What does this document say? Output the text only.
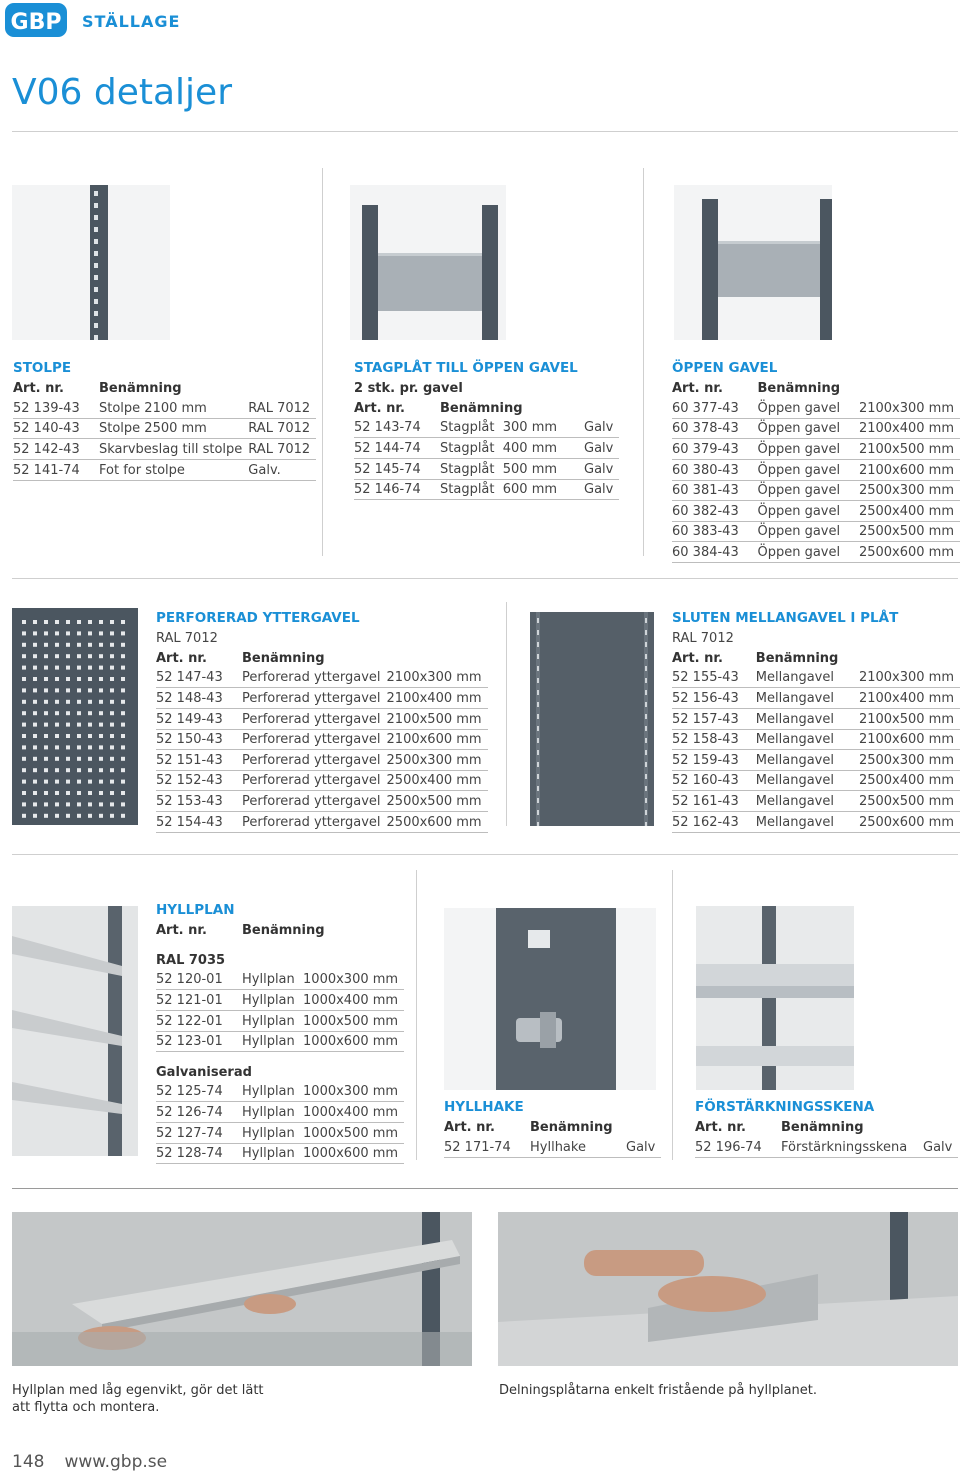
GBP STÄLLAGE
V06 detaljer
STOLPE
Art. nr.	Benämning	
52 139-43	Stolpe 2100 mm	RAL 7012
52 140-43	Stolpe 2500 mm	RAL 7012
52 142-43	Skarvbeslag till stolpe	RAL 7012
52 141-74	Fot for stolpe	Galv.
STAGPLÅT TILL ÖPPEN GAVEL
2 stk. pr. gavel
Art. nr.	Benämning	
52 143-74	Stagplåt  300 mm	Galv
52 144-74	Stagplåt  400 mm	Galv
52 145-74	Stagplåt  500 mm	Galv
52 146-74	Stagplåt  600 mm	Galv
ÖPPEN GAVEL
Art. nr.	Benämning	
60 377-43	Öppen gavel	2100x300 mm
60 378-43	Öppen gavel	2100x400 mm
60 379-43	Öppen gavel	2100x500 mm
60 380-43	Öppen gavel	2100x600 mm
60 381-43	Öppen gavel	2500x300 mm
60 382-43	Öppen gavel	2500x400 mm
60 383-43	Öppen gavel	2500x500 mm
60 384-43	Öppen gavel	2500x600 mm
PERFORERAD YTTERGAVEL
RAL 7012
Art. nr.	Benämning	
52 147-43	Perforerad yttergavel	2100x300 mm
52 148-43	Perforerad yttergavel	2100x400 mm
52 149-43	Perforerad yttergavel	2100x500 mm
52 150-43	Perforerad yttergavel	2100x600 mm
52 151-43	Perforerad yttergavel	2500x300 mm
52 152-43	Perforerad yttergavel	2500x400 mm
52 153-43	Perforerad yttergavel	2500x500 mm
52 154-43	Perforerad yttergavel	2500x600 mm
SLUTEN MELLANGAVEL I PLÅT
RAL 7012
Art. nr.	Benämning	
52 155-43	Mellangavel	2100x300 mm
52 156-43	Mellangavel	2100x400 mm
52 157-43	Mellangavel	2100x500 mm
52 158-43	Mellangavel	2100x600 mm
52 159-43	Mellangavel	2500x300 mm
52 160-43	Mellangavel	2500x400 mm
52 161-43	Mellangavel	2500x500 mm
52 162-43	Mellangavel	2500x600 mm
HYLLPLAN
Art. nr.	Benämning

RAL 7035	
52 120-01	Hyllplan  1000x300 mm
52 121-01	Hyllplan  1000x400 mm
52 122-01	Hyllplan  1000x500 mm
52 123-01	Hyllplan  1000x600 mm

Galvaniserad	
52 125-74	Hyllplan  1000x300 mm
52 126-74	Hyllplan  1000x400 mm
52 127-74	Hyllplan  1000x500 mm
52 128-74	Hyllplan  1000x600 mm
HYLLHAKE
Art. nr.	Benämning	
52 171-74	Hyllhake	Galv
FÖRSTÄRKNINGSSKENA
Art. nr.	Benämning	
52 196-74	Förstärkningsskena	Galv
Hyllplan med låg egenvikt, gör det lätt att flytta och montera.
Delningsplåtarna enkelt fristående på hyllplanet.
148 www.gbp.se
